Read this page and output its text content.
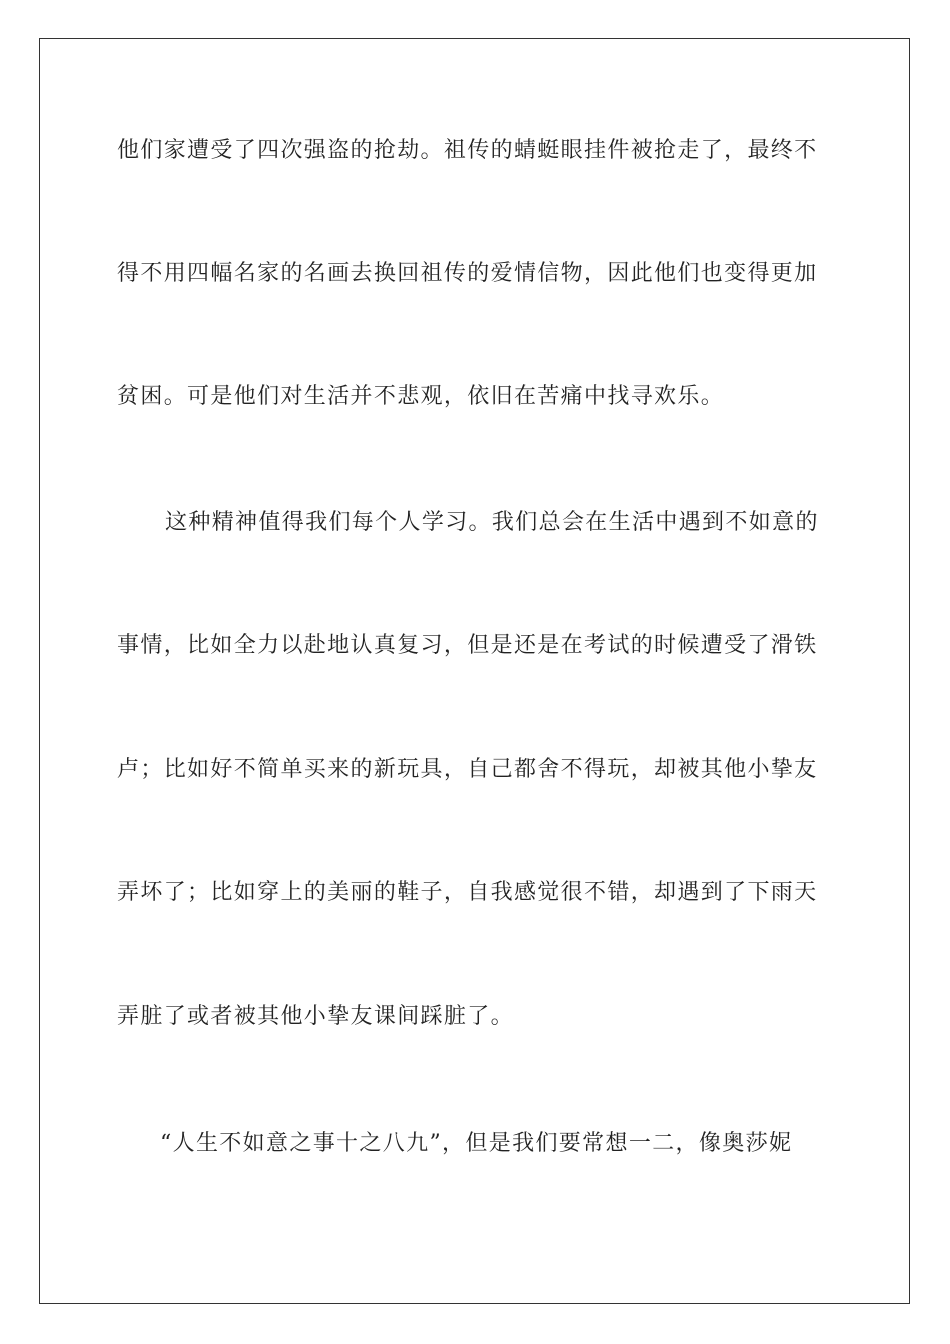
他们家遭受了四次强盗的抢劫。祖传的蜻蜓眼挂件被抢走了，最终不
得不用四幅名家的名画去换回祖传的爱情信物，因此他们也变得更加
贫困。可是他们对生活并不悲观，依旧在苦痛中找寻欢乐。
这种精神值得我们每个人学习。我们总会在生活中遇到不如意的
事情，比如全力以赴地认真复习，但是还是在考试的时候遭受了滑铁
卢；比如好不简单买来的新玩具，自己都舍不得玩，却被其他小挚友
弄坏了；比如穿上的美丽的鞋子，自我感觉很不错，却遇到了下雨天
弄脏了或者被其他小挚友课间踩脏了。
“人生不如意之事十之八九”，但是我们要常想一二，像奥莎妮
